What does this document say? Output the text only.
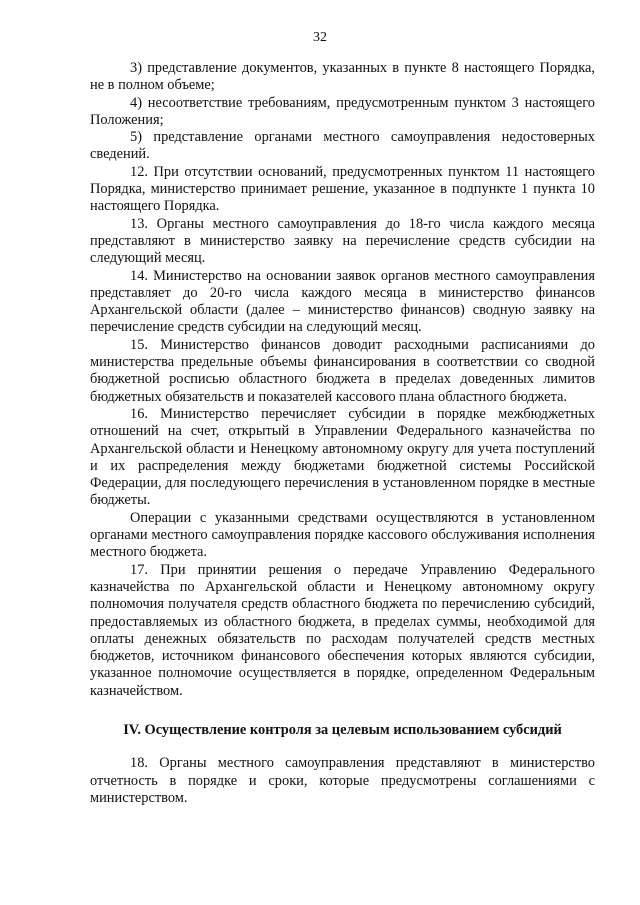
32

3) представление документов, указанных в пункте 8 настоящего Порядка, не в полном объеме;

4) несоответствие требованиям, предусмотренным пунктом 3 настоящего Положения;

5) представление органами местного самоуправления недостоверных сведений.

12. При отсутствии оснований, предусмотренных пунктом 11 настоящего Порядка, министерство принимает решение, указанное в подпункте 1 пункта 10 настоящего Порядка.

13. Органы местного самоуправления до 18-го числа каждого месяца представляют в министерство заявку на перечисление средств субсидии на следующий месяц.

14. Министерство на основании заявок органов местного самоуправления представляет до 20-го числа каждого месяца в министерство финансов Архангельской области (далее – министерство финансов) сводную заявку на перечисление средств субсидии на следующий месяц.

15. Министерство финансов доводит расходными расписаниями до министерства предельные объемы финансирования в соответствии со сводной бюджетной росписью областного бюджета в пределах доведенных лимитов бюджетных обязательств и показателей кассового плана областного бюджета.

16. Министерство перечисляет субсидии в порядке межбюджетных отношений на счет, открытый в Управлении Федерального казначейства по Архангельской области и Ненецкому автономному округу для учета поступлений и их распределения между бюджетами бюджетной системы Российской Федерации, для последующего перечисления в установленном порядке в местные бюджеты.

Операции с указанными средствами осуществляются в установленном органами местного самоуправления порядке кассового обслуживания исполнения местного бюджета.

17. При принятии решения о передаче Управлению Федерального казначейства по Архангельской области и Ненецкому автономному округу полномочия получателя средств областного бюджета по перечислению субсидий, предоставляемых из областного бюджета, в пределах суммы, необходимой для оплаты денежных обязательств по расходам получателей средств местных бюджетов, источником финансового обеспечения которых являются субсидии, указанное полномочие осуществляется в порядке, определенном Федеральным казначейством.

IV. Осуществление контроля за целевым использованием субсидий

18. Органы местного самоуправления представляют в министерство отчетность в порядке и сроки, которые предусмотрены соглашениями с министерством.
